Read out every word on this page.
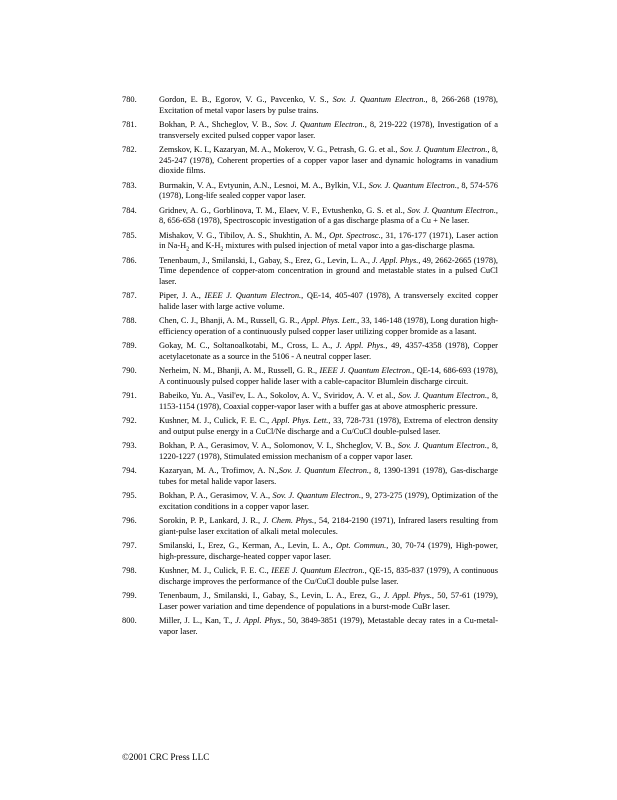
780.	Gordon, E. B., Egorov, V. G., Pavcenko, V. S., Sov. J. Quantum Electron., 8, 266-268 (1978), Excitation of metal vapor lasers by pulse trains.
781.	Bokhan, P. A., Shcheglov, V. B., Sov. J. Quantum Electron., 8, 219-222 (1978), Investigation of a transversely excited pulsed copper vapor laser.
782.	Zemskov, K. I., Kazaryan, M. A., Mokerov, V. G., Petrash, G. G. et al., Sov. J. Quantum Electron., 8, 245-247 (1978), Coherent properties of a copper vapor laser and dynamic holograms in vanadium dioxide films.
783.	Burmakin, V. A., Evtyunin, A.N., Lesnoi, M. A., Bylkin, V.I., Sov. J. Quantum Electron., 8, 574-576 (1978), Long-life sealed copper vapor laser.
784.	Gridnev, A. G., Gorblinova, T. M., Elaev, V. F., Evtushenko, G. S. et al., Sov. J. Quantum Electron., 8, 656-658 (1978), Spectroscopic investigation of a gas discharge plasma of a Cu + Ne laser.
785.	Mishakov, V. G., Tibilov, A. S., Shukhtin, A. M., Opt. Spectrosc., 31, 176-177 (1971), Laser action in $Na-H_2$ and $K-H_2$ mixtures with pulsed injection of metal vapor into a gas-discharge plasma.
786.	Tenenbaum, J., Smilanski, I., Gabay, S., Erez, G., Levin, L. A., J. Appl. Phys., 49, 2662-2665 (1978), Time dependence of copper-atom concentration in ground and metastable states in a pulsed CuCl laser.
787.	Piper, J. A., IEEE J. Quantum Electron., QE-14, 405-407 (1978), A transversely excited copper halide laser with large active volume.
788.	Chen, C. J., Bhanji, A. M., Russell, G. R., Appl. Phys. Lett., 33, 146-148 (1978), Long duration high-efficiency operation of a continuously pulsed copper laser utilizing copper bromide as a lasant.
789.	Gokay, M. C., Soltanoalkotabi, M., Cross, L. A., J. Appl. Phys., 49, 4357-4358 (1978), Copper acetylacetonate as a source in the 5106 - A neutral copper laser.
790.	Nerheim, N. M., Bhanji, A. M., Russell, G. R., IEEE J. Quantum Electron., QE-14, 686-693 (1978), A continuously pulsed copper halide laser with a cable-capacitor Blumlein discharge circuit.
791.	Babeiko, Yu. A., Vasil'ev, L. A., Sokolov, A. V., Sviridov, A. V. et al., Sov. J. Quantum Electron., 8, 1153-1154 (1978), Coaxial copper-vapor laser with a buffer gas at above atmospheric pressure.
792.	Kushner, M. J., Culick, F. E. C., Appl. Phys. Lett., 33, 728-731 (1978), Extrema of electron density and output pulse energy in a CuCl/Ne discharge and a Cu/CuCl double-pulsed laser.
793.	Bokhan, P. A., Gerasimov, V. A., Solomonov, V. I., Shcheglov, V. B., Sov. J. Quantum Electron., 8, 1220-1227 (1978), Stimulated emission mechanism of a copper vapor laser.
794.	Kazaryan, M. A., Trofimov, A. N.,Sov. J. Quantum Electron., 8, 1390-1391 (1978), Gas-discharge tubes for metal halide vapor lasers.
795.	Bokhan, P. A., Gerasimov, V. A., Sov. J. Quantum Electron., 9, 273-275 (1979), Optimization of the excitation conditions in a copper vapor laser.
796.	Sorokin, P. P., Lankard, J. R., J. Chem. Phys., 54, 2184-2190 (1971), Infrared lasers resulting from giant-pulse laser excitation of alkali metal molecules.
797.	Smilanski, I., Erez, G., Kerman, A., Levin, L. A., Opt. Commun., 30, 70-74 (1979), High-power, high-pressure, discharge-heated copper vapor laser.
798.	Kushner, M. J., Culick, F. E. C., IEEE J. Quantum Electron., QE-15, 835-837 (1979), A continuous discharge improves the performance of the Cu/CuCl double pulse laser.
799.	Tenenbaum, J., Smilanski, I., Gabay, S., Levin, L. A., Erez, G., J. Appl. Phys., 50, 57-61 (1979), Laser power variation and time dependence of populations in a burst-mode CuBr laser.
800.	Miller, J. L., Kan, T., J. Appl. Phys., 50, 3849-3851 (1979), Metastable decay rates in a Cu-metal-vapor laser.
©2001 CRC Press LLC
